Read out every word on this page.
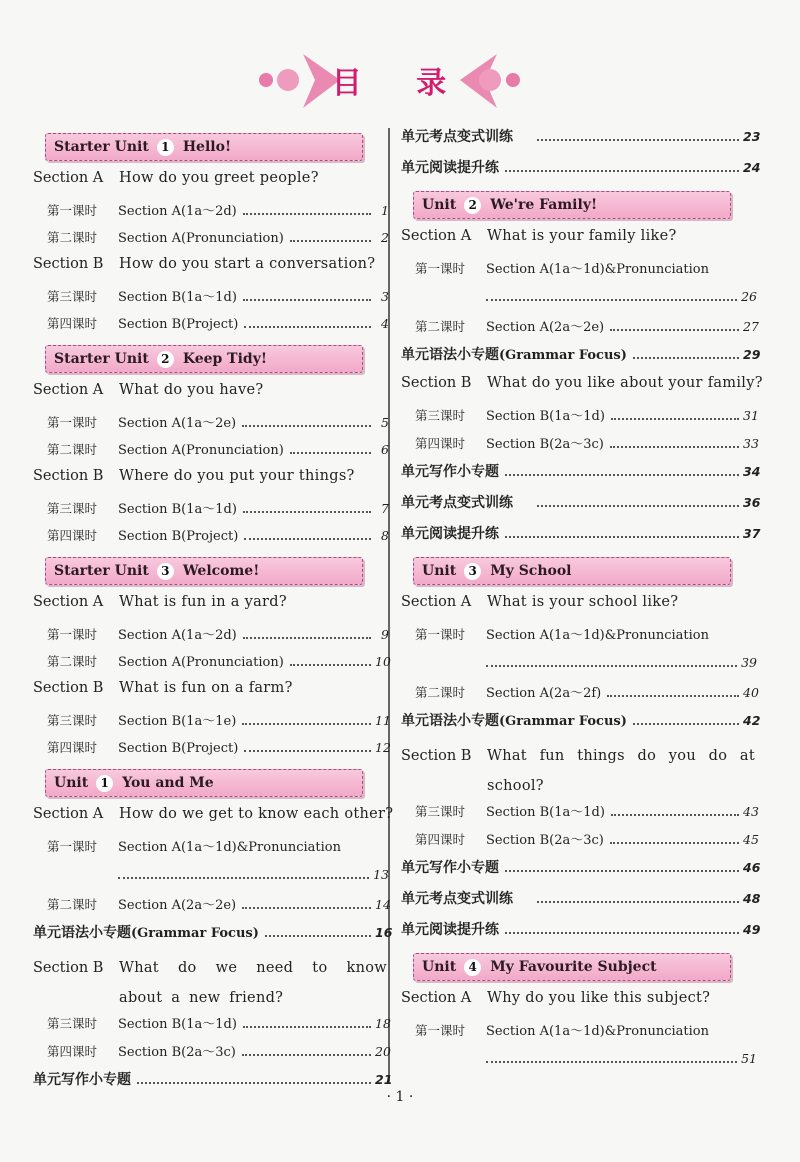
目 录
Starter Unit	1 Hello!
Section A How do you greet people?
第一课时	Section A(1a～2d)	1
第二课时	Section A(Pronunciation)	2
Section B How do you start a conversation?
第三课时	Section B(1a～1d)	3
第四课时	Section B(Project)	4
Starter Unit	2 Keep Tidy!
Section A What do you have?
第一课时	Section A(1a～2e)	5
第二课时	Section A(Pronunciation)	6
Section B Where do you put your things?
第三课时	Section B(1a～1d)	7
第四课时	Section B(Project)	8
Starter Unit	3 Welcome!
Section A What is fun in a yard?
第一课时	Section A(1a～2d)	9
第二课时	Section A(Pronunciation)	10
Section B What is fun on a farm?
第三课时	Section B(1a～1e)	11
第四课时	Section B(Project)	12
Unit	1 You and Me
Section A How do we get to know each other?
第一课时	Section A(1a～1d)&Pronunciation
13
第二课时	Section A(2a～2e)	14
单元语法小专题 (Grammar Focus)	16
Section B What do we need to know about a new friend?
第三课时	Section B(1a～1d)	18
第四课时	Section B(2a～3c)	20
单元写作小专题	21
单元考点变式训练	23
单元阅读提升练	24
Unit	2 We're Family!
Section A What is your family like?
第一课时	Section A(1a～1d)&Pronunciation
26
第二课时	Section A(2a～2e)	27
单元语法小专题 (Grammar Focus)	29
Section B What do you like about your family?
第三课时	Section B(1a～1d)	31
第四课时	Section B(2a～3c)	33
单元写作小专题	34
单元考点变式训练	36
单元阅读提升练	37
Unit	3 My School
Section A What is your school like?
第一课时	Section A(1a～1d)&Pronunciation
39
第二课时	Section A(2a～2f)	40
单元语法小专题 (Grammar Focus)	42
Section B What fun things do you do at school?
第三课时	Section B(1a～1d)	43
第四课时	Section B(2a～3c)	45
单元写作小专题	46
单元考点变式训练	48
单元阅读提升练	49
Unit	4 My Favourite Subject
Section A Why do you like this subject?
第一课时	Section A(1a～1d)&Pronunciation
51
· 1 ·
